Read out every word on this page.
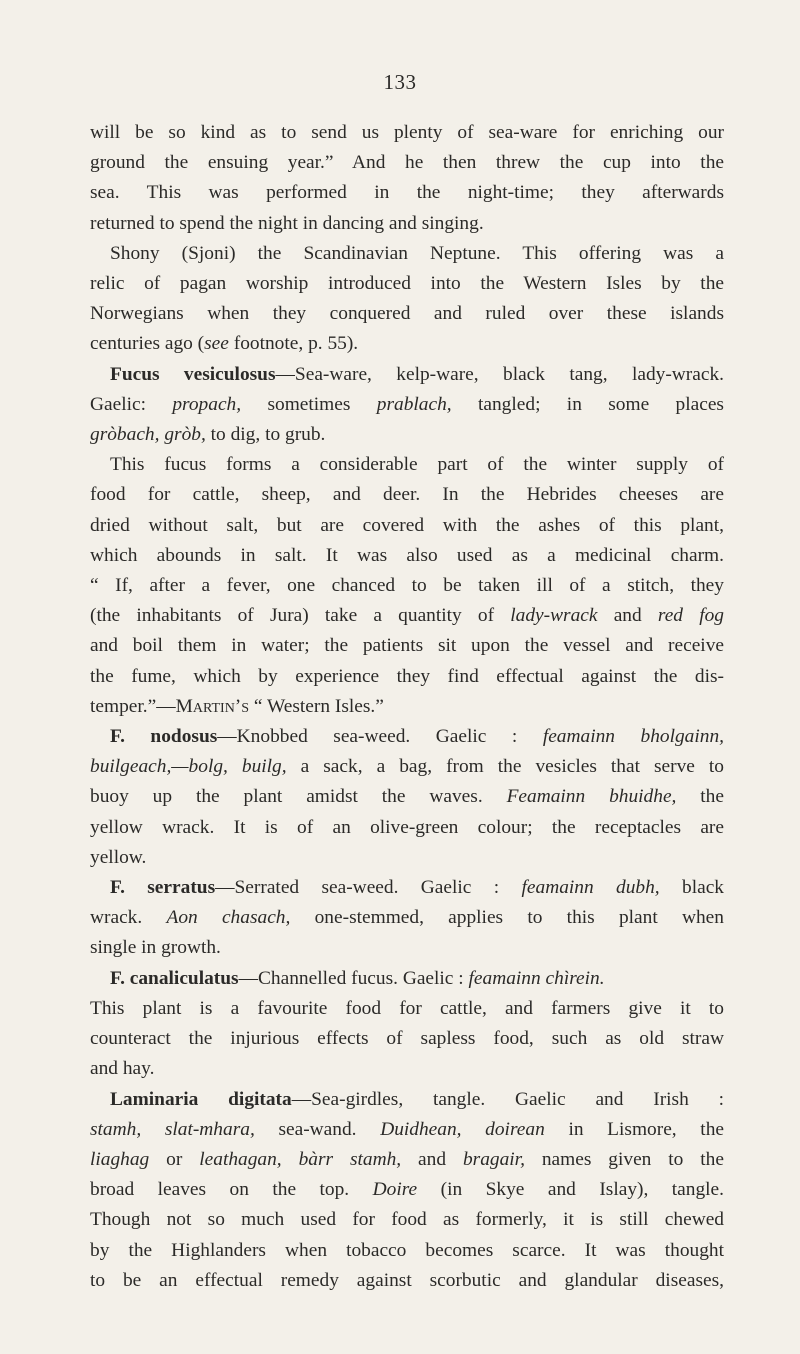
133
will be so kind as to send us plenty of sea-ware for enriching our
ground the ensuing year.” And he then threw the cup into the
sea. This was performed in the night-time; they afterwards
returned to spend the night in dancing and singing.
Shony (Sjoni) the Scandinavian Neptune. This offering was a
relic of pagan worship introduced into the Western Isles by the
Norwegians when they conquered and ruled over these islands
centuries ago (see footnote, p. 55).
Fucus vesiculosus—Sea-ware, kelp-ware, black tang, lady-wrack.
Gaelic: propach, sometimes prablach, tangled; in some places
gròbach, gròb, to dig, to grub.
This fucus forms a considerable part of the winter supply of
food for cattle, sheep, and deer. In the Hebrides cheeses are
dried without salt, but are covered with the ashes of this plant,
which abounds in salt. It was also used as a medicinal charm.
“ If, after a fever, one chanced to be taken ill of a stitch, they
(the inhabitants of Jura) take a quantity of lady-wrack and red fog
and boil them in water; the patients sit upon the vessel and receive
the fume, which by experience they find effectual against the dis-
temper.”—Martin’s “ Western Isles.”
F. nodosus—Knobbed sea-weed. Gaelic : feamainn bholgainn,
builgeach,—bolg, builg, a sack, a bag, from the vesicles that serve to
buoy up the plant amidst the waves. Feamainn bhuidhe, the
yellow wrack. It is of an olive-green colour; the receptacles are
yellow.
F. serratus—Serrated sea-weed. Gaelic : feamainn dubh, black
wrack. Aon chasach, one-stemmed, applies to this plant when
single in growth.
F. canaliculatus—Channelled fucus. Gaelic : feamainn chìrein.
This plant is a favourite food for cattle, and farmers give it to
counteract the injurious effects of sapless food, such as old straw
and hay.
Laminaria digitata—Sea-girdles, tangle. Gaelic and Irish :
stamh, slat-mhara, sea-wand. Duidhean, doirean in Lismore, the
liaghag or leathagan, bàrr stamh, and bragair, names given to the
broad leaves on the top. Doire (in Skye and Islay), tangle.
Though not so much used for food as formerly, it is still chewed
by the Highlanders when tobacco becomes scarce. It was thought
to be an effectual remedy against scorbutic and glandular diseases,
